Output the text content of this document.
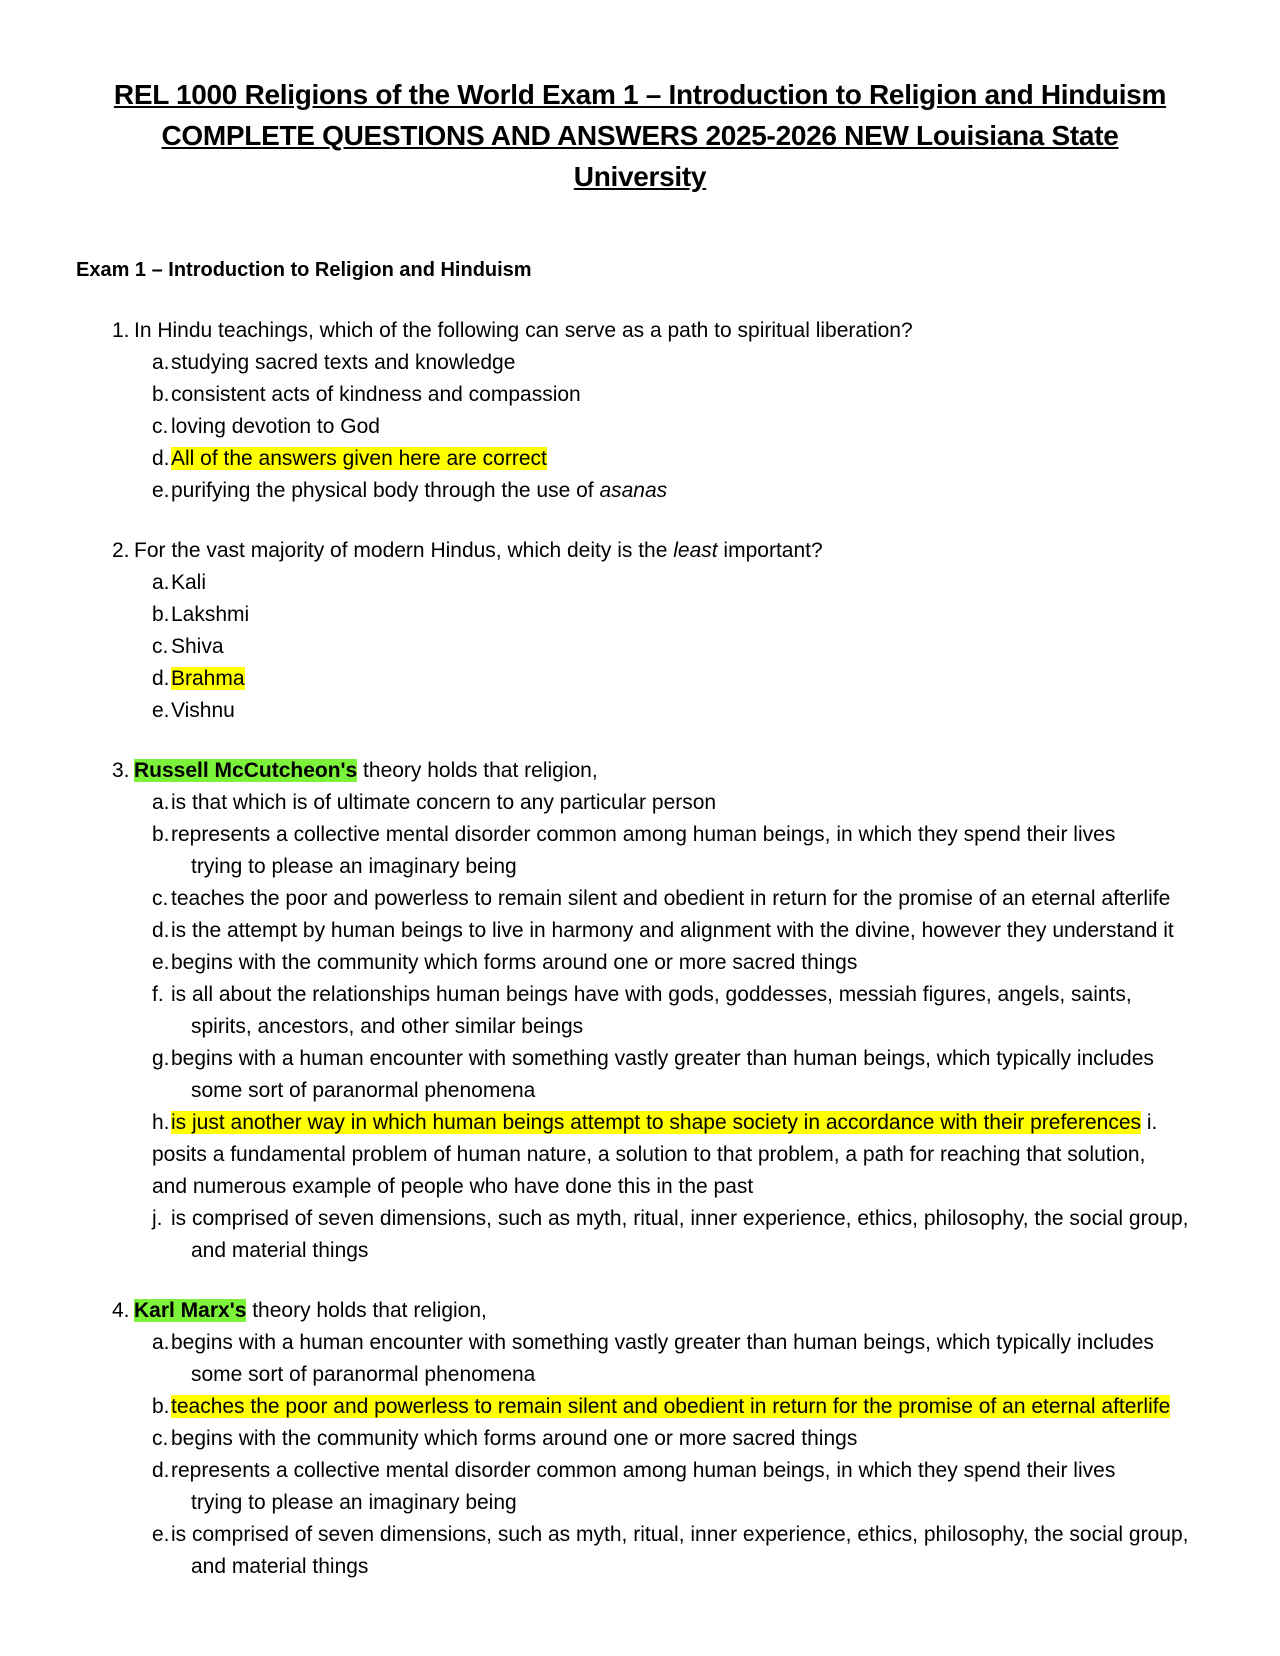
REL 1000 Religions of the World Exam 1 – Introduction to Religion and Hinduism
COMPLETE QUESTIONS AND ANSWERS 2025-2026 NEW Louisiana State
University
Exam 1 – Introduction to Religion and Hinduism
1. In Hindu teachings, which of the following can serve as a path to spiritual liberation?
a. studying sacred texts and knowledge
b. consistent acts of kindness and compassion
c. loving devotion to God
d. All of the answers given here are correct
e. purifying the physical body through the use of asanas
2. For the vast majority of modern Hindus, which deity is the least important?
a. Kali
b. Lakshmi
c. Shiva
d. Brahma
e. Vishnu
3. Russell McCutcheon's theory holds that religion,
a. is that which is of ultimate concern to any particular person
b. represents a collective mental disorder common among human beings, in which they spend their lives
trying to please an imaginary being
c. teaches the poor and powerless to remain silent and obedient in return for the promise of an eternal afterlife
d. is the attempt by human beings to live in harmony and alignment with the divine, however they understand it
e. begins with the community which forms around one or more sacred things
f. is all about the relationships human beings have with gods, goddesses, messiah figures, angels, saints,
spirits, ancestors, and other similar beings
g. begins with a human encounter with something vastly greater than human beings, which typically includes
some sort of paranormal phenomena
h. is just another way in which human beings attempt to shape society in accordance with their preferences i.
posits a fundamental problem of human nature, a solution to that problem, a path for reaching that solution,
and numerous example of people who have done this in the past
j. is comprised of seven dimensions, such as myth, ritual, inner experience, ethics, philosophy, the social group,
and material things
4. Karl Marx's theory holds that religion,
a. begins with a human encounter with something vastly greater than human beings, which typically includes
some sort of paranormal phenomena
b. teaches the poor and powerless to remain silent and obedient in return for the promise of an eternal afterlife
c. begins with the community which forms around one or more sacred things
d. represents a collective mental disorder common among human beings, in which they spend their lives
trying to please an imaginary being
e. is comprised of seven dimensions, such as myth, ritual, inner experience, ethics, philosophy, the social group,
and material things
